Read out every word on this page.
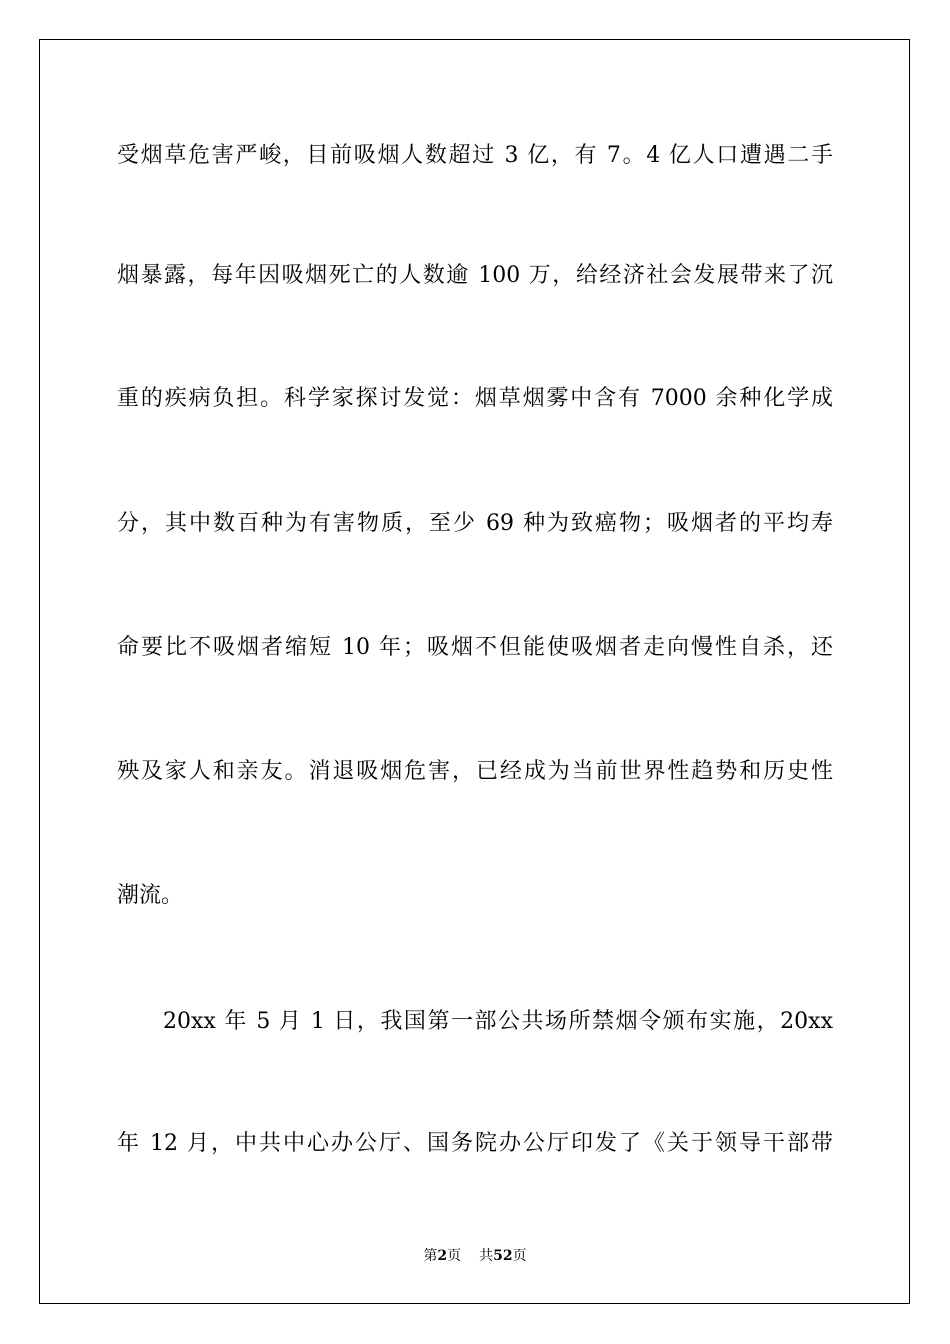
受烟草危害严峻，目前吸烟人数超过 3 亿，有 7。4 亿人口遭遇二手
烟暴露，每年因吸烟死亡的人数逾 100 万，给经济社会发展带来了沉
重的疾病负担。科学家探讨发觉：烟草烟雾中含有 7000 余种化学成
分，其中数百种为有害物质，至少 69 种为致癌物；吸烟者的平均寿
命要比不吸烟者缩短 10 年；吸烟不但能使吸烟者走向慢性自杀，还
殃及家人和亲友。消退吸烟危害，已经成为当前世界性趋势和历史性
潮流。
20xx 年 5 月 1 日，我国第一部公共场所禁烟令颁布实施，20xx
年 12 月，中共中心办公厅、国务院办公厅印发了《关于领导干部带
第2页 共52页
